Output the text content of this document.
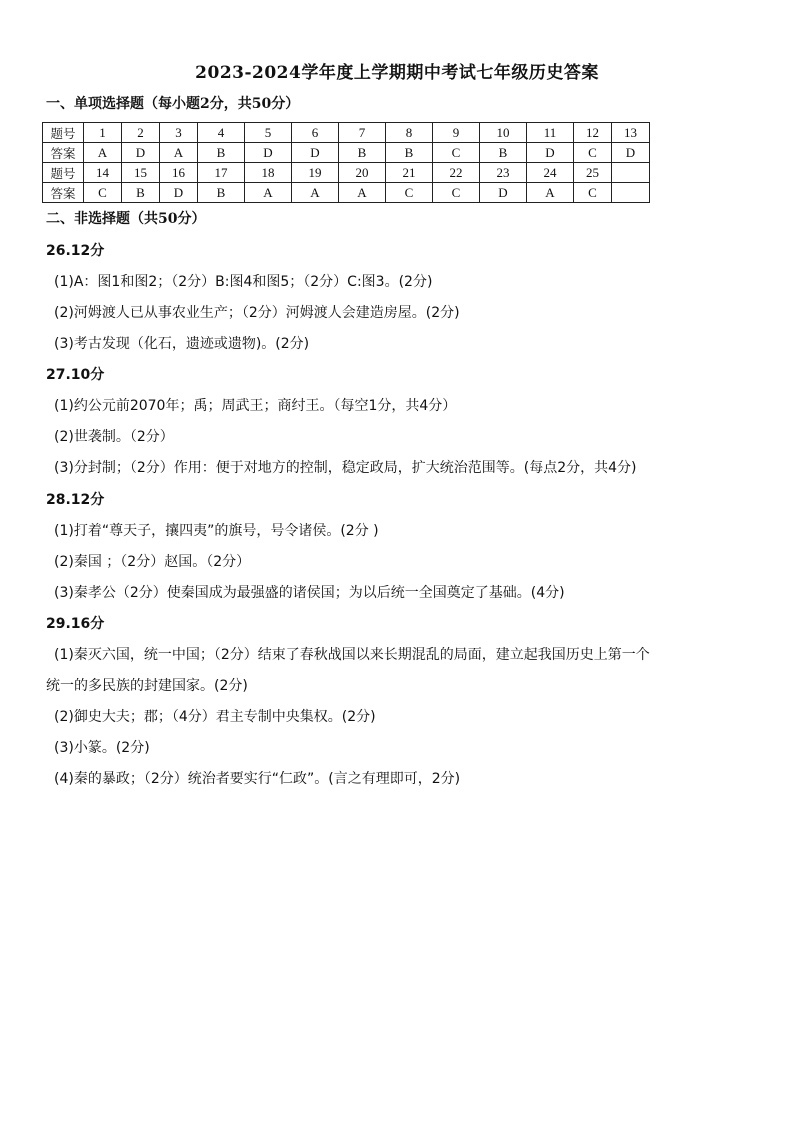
2023-2024学年度上学期期中考试七年级历史答案
一、单项选择题（每小题2分，共50分）
题号	1	2	3	4	5	6	7	8	9	10	11	12	13
答案	A	D	A	B	D	D	B	B	C	B	D	C	D
题号	14	15	16	17	18	19	20	21	22	23	24	25	
答案	C	B	D	B	A	A	A	C	C	D	A	C	
二、非选择题（共50分）
26.12分
(1)A：图1和图2；（2分）B:图4和图5；（2分）C:图3。(2分)
(2)河姆渡人已从事农业生产；（2分）河姆渡人会建造房屋。(2分)
(3)考古发现（化石，遗迹或遗物)。(2分)
27.10分
(1)约公元前2070年；禹；周武王；商纣王。（每空1分，共4分）
(2)世袭制。（2分）
(3)分封制；（2分）作用：便于对地方的控制，稳定政局，扩大统治范围等。(每点2分，共4分)
28.12分
(1)打着“尊天子，攘四夷”的旗号，号令诸侯。(2分 )
(2)秦国 ；（2分）赵国。（2分）
(3)秦孝公（2分）使秦国成为最强盛的诸侯国；为以后统一全国奠定了基础。(4分)
29.16分
(1)秦灭六国，统一中国；（2分）结束了春秋战国以来长期混乱的局面，建立起我国历史上第一个
统一的多民族的封建国家。(2分)
(2)御史大夫；郡；（4分）君主专制中央集权。(2分)
(3)小篆。(2分)
(4)秦的暴政；（2分）统治者要实行“仁政”。(言之有理即可，2分)
